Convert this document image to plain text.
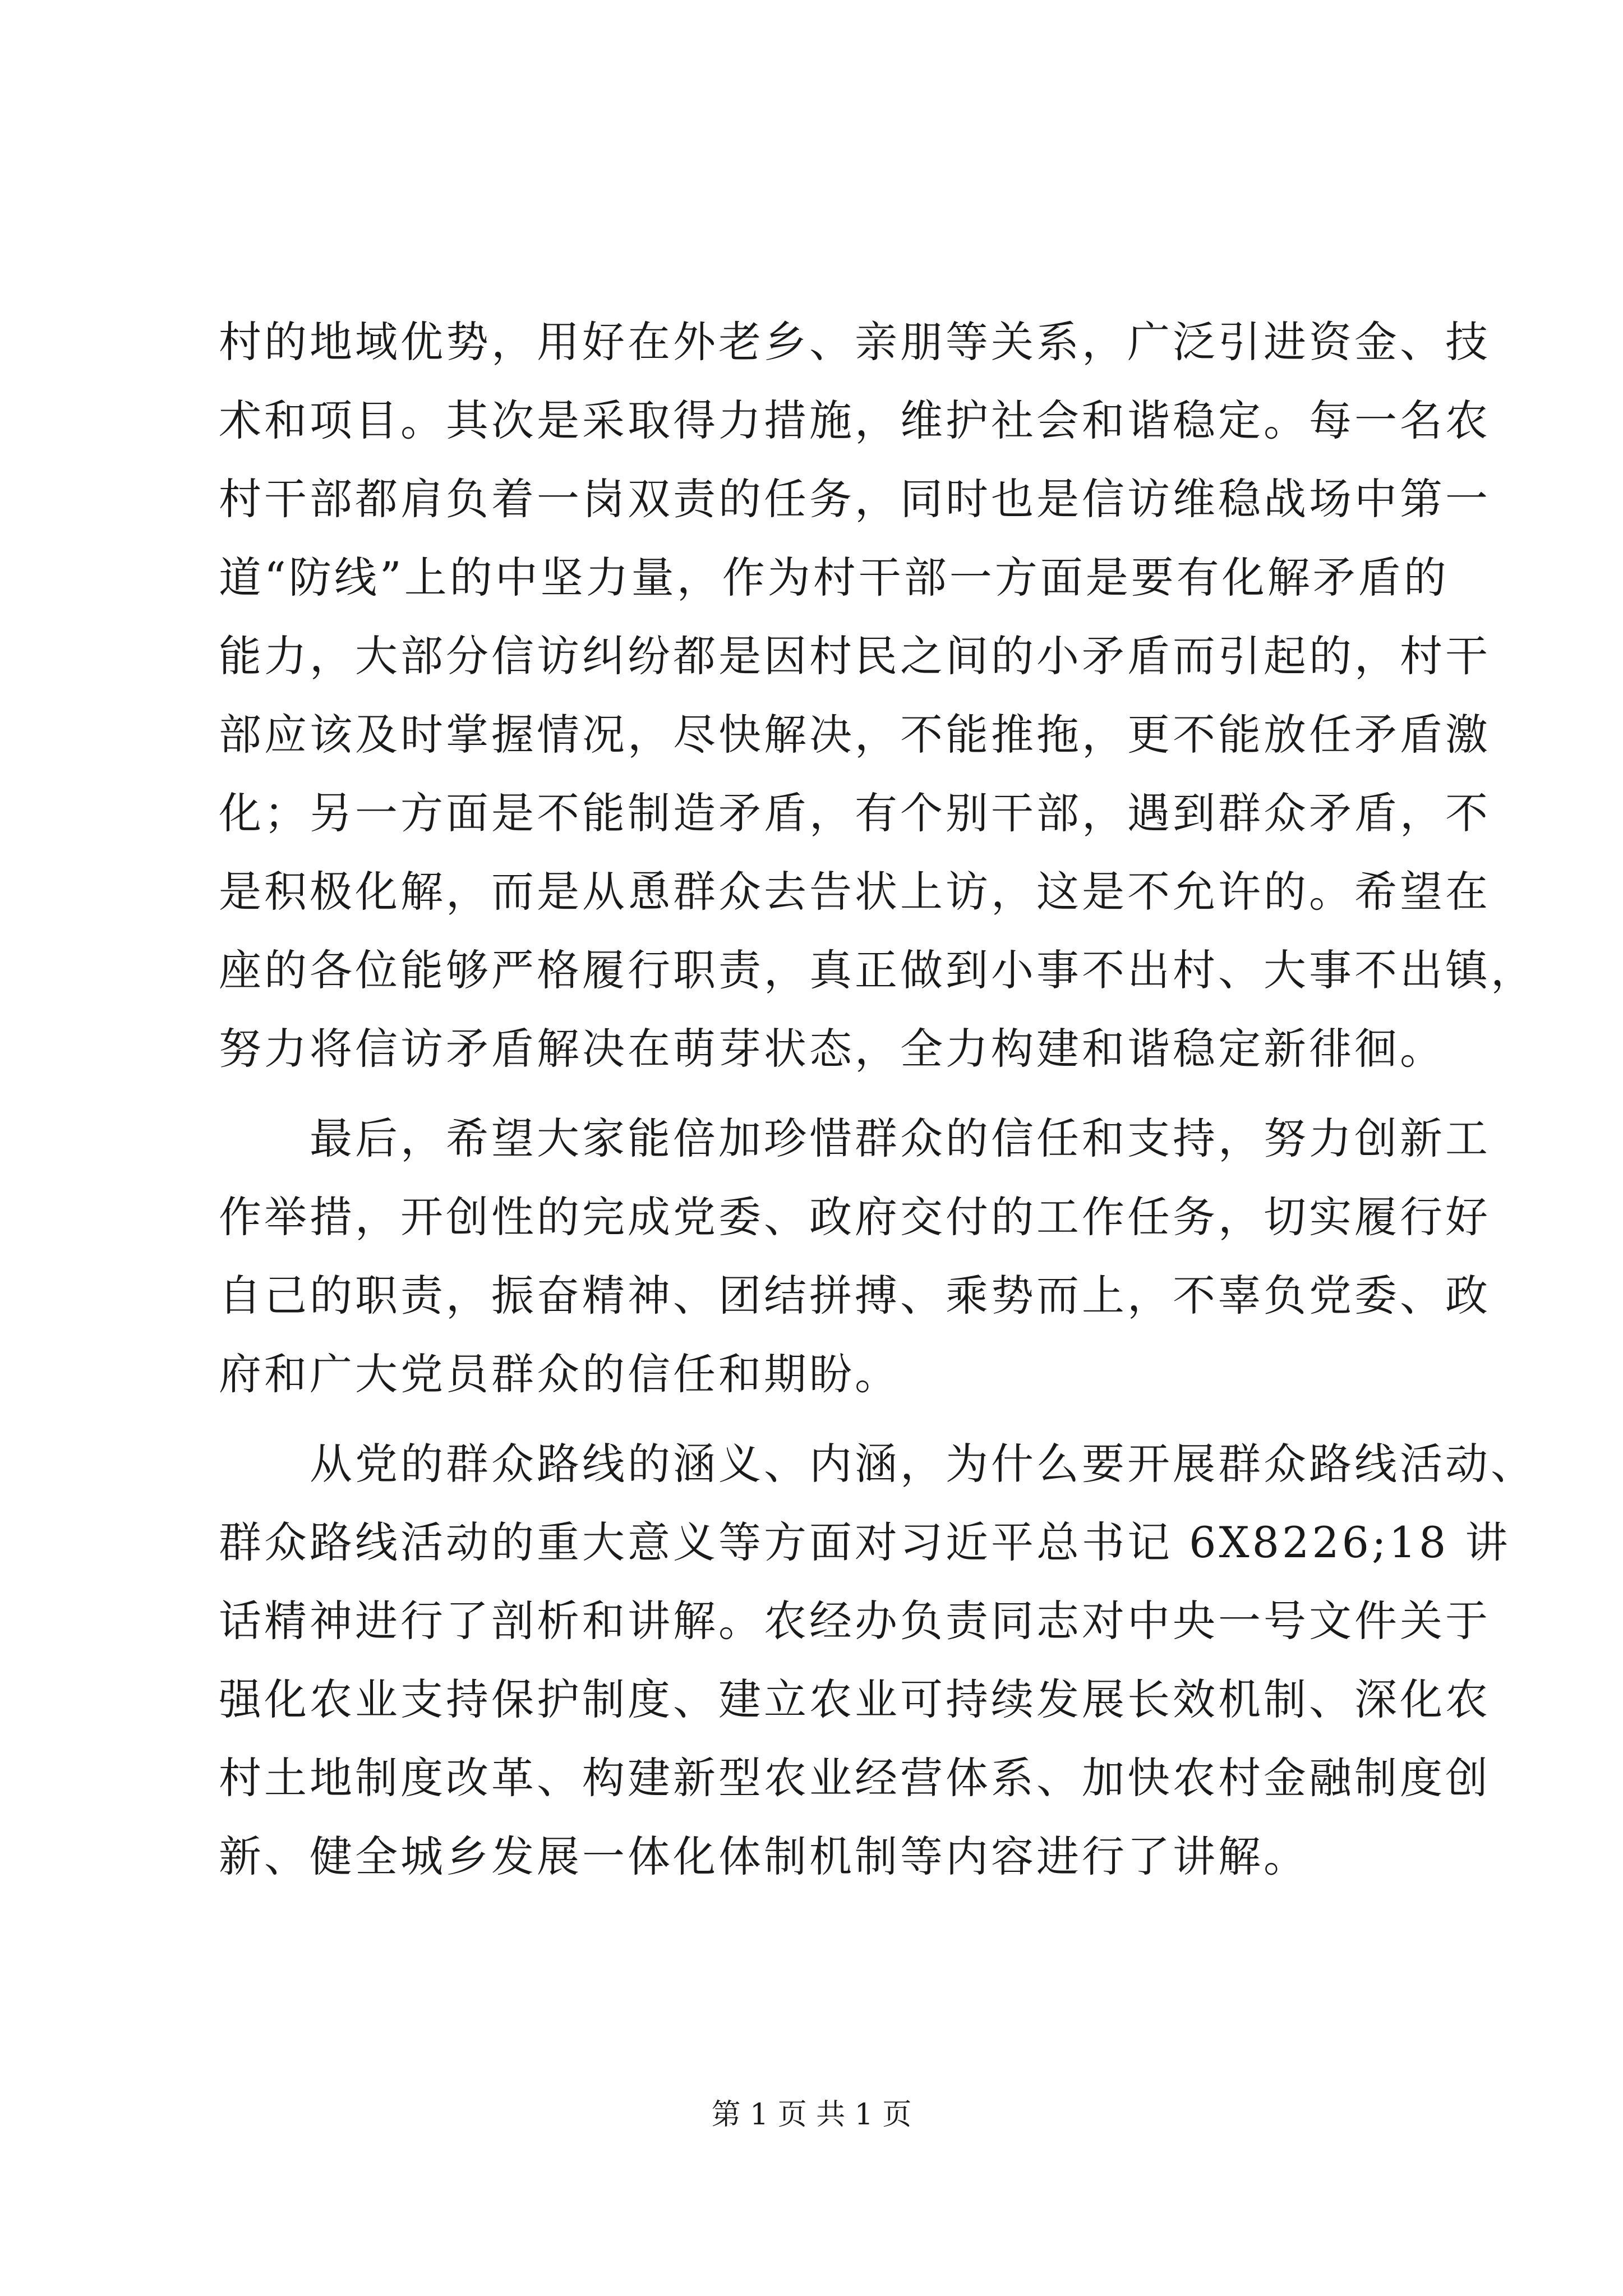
村的地域优势，用好在外老乡、亲朋等关系，广泛引进资金、技
术和项目。其次是采取得力措施，维护社会和谐稳定。每一名农
村干部都肩负着一岗双责的任务，同时也是信访维稳战场中第一
道“防线”上的中坚力量，作为村干部一方面是要有化解矛盾的
能力，大部分信访纠纷都是因村民之间的小矛盾而引起的，村干
部应该及时掌握情况，尽快解决，不能推拖，更不能放任矛盾激
化；另一方面是不能制造矛盾，有个别干部，遇到群众矛盾，不
是积极化解，而是从恿群众去告状上访，这是不允许的。希望在
座的各位能够严格履行职责，真正做到小事不出村、大事不出镇，
努力将信访矛盾解决在萌芽状态，全力构建和谐稳定新徘徊。
　　最后，希望大家能倍加珍惜群众的信任和支持，努力创新工
作举措，开创性的完成党委、政府交付的工作任务，切实履行好
自己的职责，振奋精神、团结拼搏、乘势而上，不辜负党委、政
府和广大党员群众的信任和期盼。
　　从党的群众路线的涵义、内涵，为什么要开展群众路线活动、
群众路线活动的重大意义等方面对习近平总书记 6X8226;18 讲
话精神进行了剖析和讲解。农经办负责同志对中央一号文件关于
强化农业支持保护制度、建立农业可持续发展长效机制、深化农
村土地制度改革、构建新型农业经营体系、加快农村金融制度创
新、健全城乡发展一体化体制机制等内容进行了讲解。
第 1 页 共 1 页
